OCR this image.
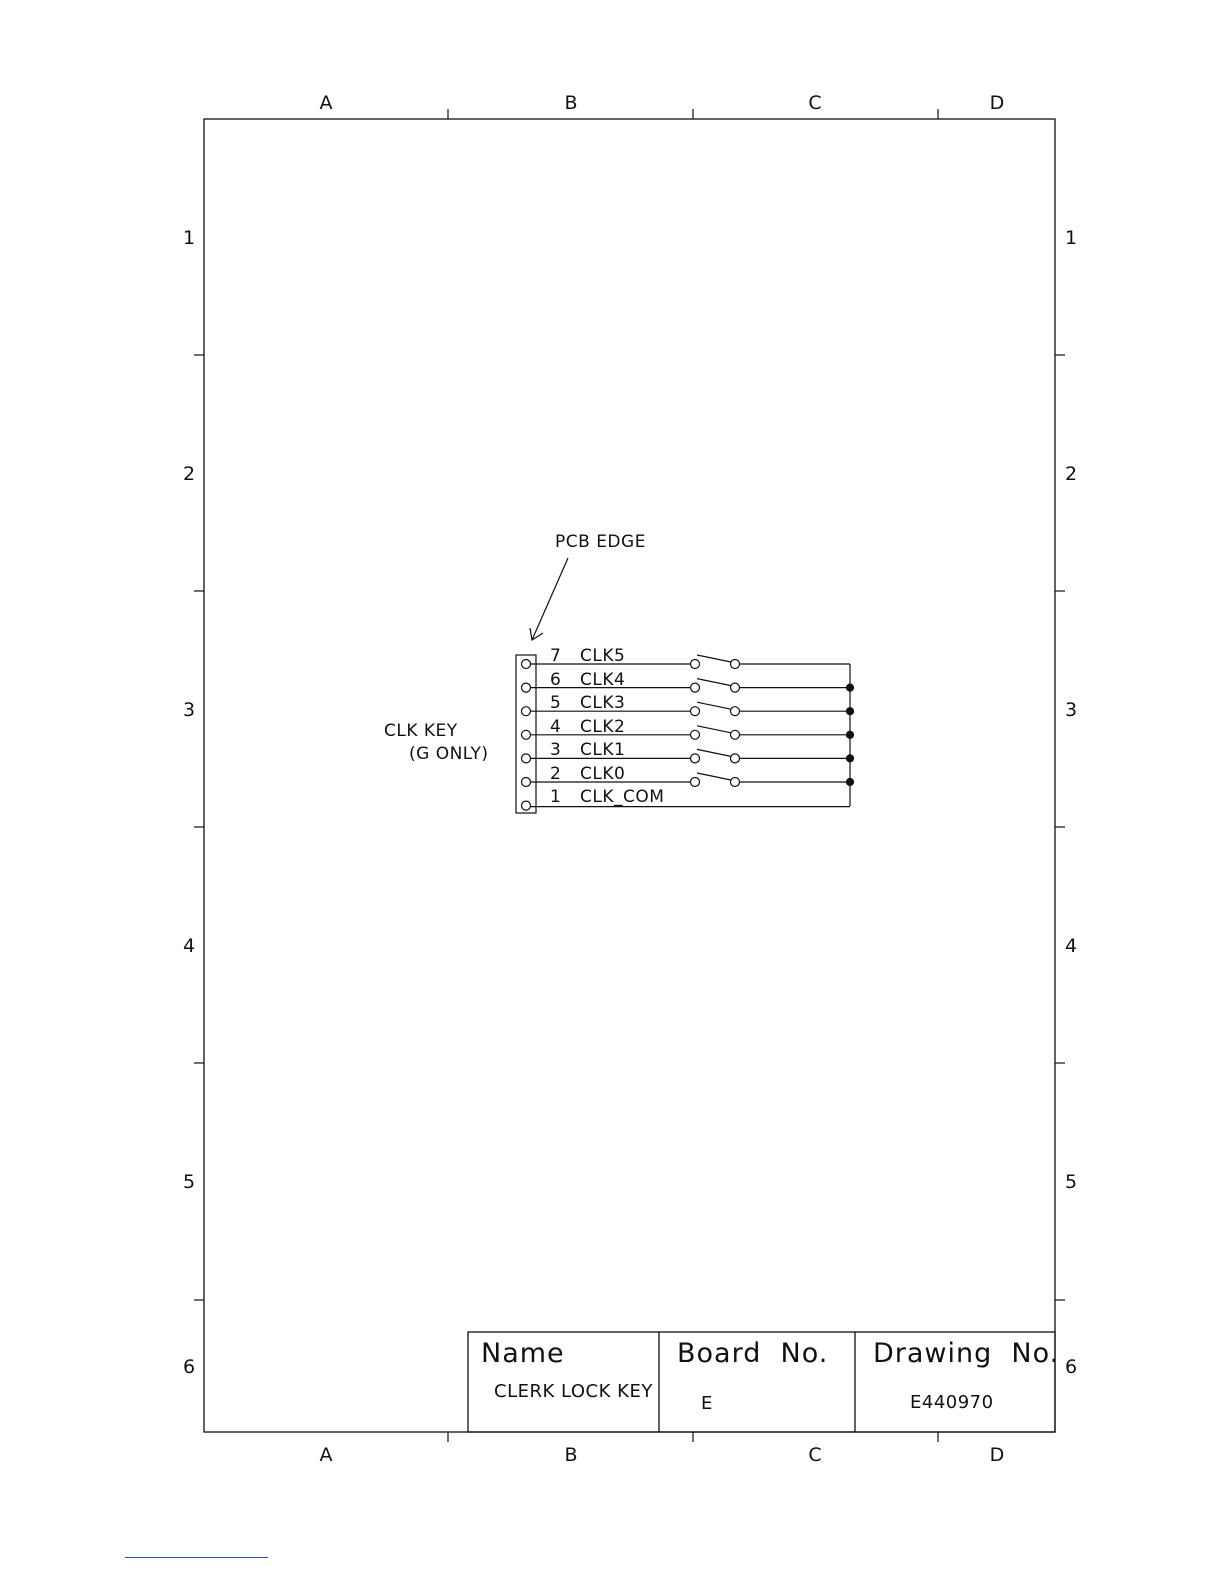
A	B	C	D
A	B	C	D
1
2
3
4
5
6
1
2
3
4
5
6
PCB EDGE
CLK KEY
(G ONLY)
7 CLK5
6 CLK4
5 CLK3
4 CLK2
3 CLK1
2 CLK0
1 CLK_COM
Name
CLERK LOCK KEY
Board  No.
E
Drawing  No.
E440970
